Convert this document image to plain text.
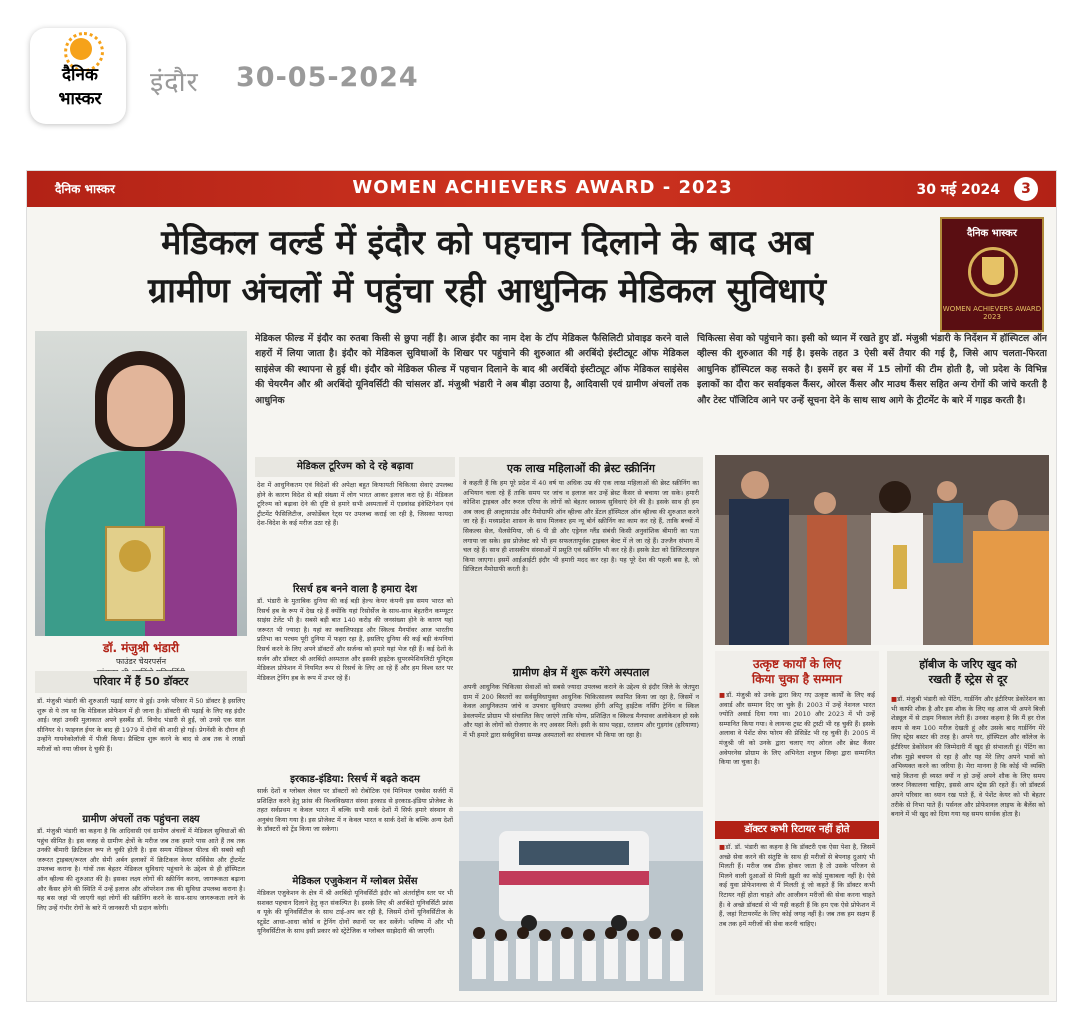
दैनिक
भास्कर
इंदौर 30-05-2024
दैनिक भास्कर	WOMEN ACHIEVERS AWARD - 2023	30 मई 2024	3
मेडिकल वर्ल्ड में इंदौर को पहचान दिलाने के बाद अब
ग्रामीण अंचलों में पहुंचा रही आधुनिक मेडिकल सुविधाएं
दैनिक भास्कर
WOMEN ACHIEVERS AWARD 2023
डॉ. मंजुश्री भंडारी
फाउंडर चेयरपर्सन
मेडिकल फील्ड में इंदौर का रुतबा किसी से छुपा नहीं है। आज इंदौर का नाम देश के टॉप मेडिकल फैसिलिटी प्रोवाइड करने वाले शहरों में लिया जाता है। इंदौर को मेडिकल सुविधाओं के शिखर पर पहुंचाने की शुरुआत श्री अरबिंदो इंस्टीट्यूट ऑफ मेडिकल साइंसेज की स्थापना से हुई थी। इंदौर को मेडिकल फील्ड में पहचान दिलाने के बाद श्री अरबिंदो इंस्टीट्यूट ऑफ मेडिकल साइंसेस की चेयरमैन और श्री अरबिंदो यूनिवर्सिटी की चांसलर डॉ. मंजुश्री भंडारी ने अब बीड़ा उठाया है, आदिवासी एवं ग्रामीण अंचलों तक आधुनिक
चिकित्सा सेवा को पहुंचाने का। इसी को ध्यान में रखते हुए डॉ. मंजुश्री भंडारी के निर्देशन में हॉस्पिटल ऑन व्हील्स की शुरुआत की गई है। इसके तहत 3 ऐसी बसें तैयार की गई है, जिसे आप चलता-फिरता आधुनिक हॉस्पिटल कह सकते है। इसमें हर बस में 15 लोगों की टीम होती है, जो प्रदेश के विभिन्न इलाकों का दौरा कर सर्वाइकल कैंसर, ओरल कैंसर और माउथ कैंसर सहित अन्य रोगों की जांचे करती है और टेस्ट पॉजिटिव आने पर उन्हें सूचना देने के साथ साथ आगे के ट्रीटमेंट के बारे में गाइड करती है।
परिवार में हैं 50 डॉक्टर
डॉ. मंजुश्री भंडारी की शुरुआती पढ़ाई सागर से हुई। उनके परिवार में 50 डॉक्टर है इसलिए शुरू से ये तय था कि मेडिकल प्रोफेशन में ही जाना है। डॉक्टरी की पढ़ाई के लिए वह इंदौर आई। जहां उनकी मुलाकात अपने हसबैंड डॉ. विनोद भंडारी से हुई, जो उनसे एक साल सीनियर थे। फाइनल ईयर के बाद ही 1979 में दोनों की शादी हो गई। प्रेगनेंसी के दौरान ही उन्होंने गायनेकोलॉजी में पीजी किया। प्रैक्टिस शुरू करने के बाद से अब तक वे लाखों मरीजों को नया जीवन दे चुकी हैं।
ग्रामीण अंचलों तक पहुंचना लक्ष्य
डॉ. मंजुश्री भंडारी का कहना है कि आदिवासी एवं ग्रामीण अंचलों में मेडिकल सुविधाओं की पहुंच सीमित है। इस वजह से ग्रामीण क्षेत्रों के मरीज जब तक हमारे पास आते हैं तब तक उनकी बीमारी क्रिटिकल रूप ले चुकी होती है। इस समय मेडिकल फील्ड की सबसे बड़ी जरूरत ट्राइबल/रूरल और सेमी अर्बन इलाकों में क्रिटिकल केयर सर्विसेस और ट्रीटमेंट उपलब्ध कराना है। गांवों तक बेहतर मेडिकल सुविधाएं पहुंचाने के उद्देश्य से ही हॉस्पिटल ऑन व्हील्स की शुरुआत की है। इसका लक्ष्य लोगों की स्क्रीनिंग करना, जागरूकता बढ़ाना और कैंसर होने की स्थिति में उन्हें इलाज और ऑपरेशन तक की सुविधा उपलब्ध कराना है। यह बस जहां भी जाएगी वहां लोगों की स्क्रीनिंग करने के साथ-साथ जागरूकता लाने के लिए उन्हें गंभीर रोगों के बारे में जानकारी भी प्रदान करेगी।
मेडिकल टूरिज्म को दे रहे बढ़ावा
देश में आधुनिकतम एवं विदेशों की अपेक्षा बहुत किफायती चिकित्सा सेवाएं उपलब्ध होने के कारण विदेश से बड़ी संख्या में लोग भारत आकर इलाज करा रहे हैं। मेडिकल टूरिज्म को बढ़ावा देने की दृष्टि से हमारे सभी अस्पतालों में एडवांस्ड इंवेस्टिगेशन एवं ट्रीटमेंट फैसिलिटीज, अफोर्डेबल रेट्स पर उपलब्ध कराई जा रही है, जिसका फायदा देश-विदेश के कई मरीज उठा रहे हैं।
रिसर्च हब बनने वाला है हमारा देश
डॉ. भंडारी के मुताबिक दुनिया की कई बड़ी हेल्थ केयर कंपनी इस समय भारत को रिसर्च हब के रूप में देख रहे हैं क्योंकि यहां रिसोर्सेज के साथ-साथ बेहतरीन कम्प्यूटर साइंस टेलेंट भी है। सबसे बड़ी बात 140 करोड़ की जनसंख्या होने के कारण यहां जरूरत भी ज्यादा है। यहां का क्वालिफाइड और स्किल्ड मैनपॉवर आज भारतीय प्रतिभा का परचम पूरी दुनिया में फहरा रहा है, इसलिए दुनिया की कई बड़ी कंपनियां रिसर्च करने के लिए अपने डॉक्टरों और सर्जन्स को हमारे यहां भेज रही हैं। कई देशों के सर्जन और डॉक्टर श्री अरबिंदो अस्पताल और इसकी हाइटेक सुपरस्पेशियलिटी यूनिट्स मेडिकल प्रोफेशन में नियमित रूप से रिसर्च के लिए आ रहे हैं और हम विश्व स्तर पर मेडिकल ट्रेनिंग हब के रूप में उभर रहे हैं।
इरकाड-इंडिया: रिसर्च में बढ़ते कदम
सार्क देशों व ग्लोबल लेवल पर डॉक्टरों को रोबोटिक एवं मिनिमल एक्सेस सर्जरी में प्रशिक्षित करने हेतु फ्रांस की विश्वविख्यात संस्था इरकाड से इरकाड-इंडिया प्रोजेक्ट के तहत सर्वप्रथम न केवल भारत में बल्कि सभी सार्क देशों में सिर्फ हमारे संस्थान से अनुबंध किया गया है। इस प्रोजेक्ट में न केवल भारत व सार्क देशों के बल्कि अन्य देशों के डॉक्टरों को ट्रेंड किया जा सकेगा।
मेडिकल एजुकेशन में ग्लोबल प्रेसेंस
मेडिकल एजुकेशन के क्षेत्र में श्री अरबिंदो यूनिवर्सिटी इंदौर को अंतर्राष्ट्रीय स्तर पर भी सशक्त पहचान दिलाने हेतु कृत संकल्पित है। इसके लिए श्री अरबिंदो यूनिवर्सिटी फ्रांस व यूके की यूनिवर्सिटीज के साथ टाई-अप कर रही है, जिसमें दोनों यूनिवर्सिटीज के स्टूडेंट आधा-आधा कोर्स व ट्रेनिंग दोनों स्थानों पर कर सकेंगे। भविष्य में और भी यूनिवर्सिटीज के साथ इसी प्रकार को स्ट्रेटेजिक व ग्लोबल साझेदारी की जाएगी।
एक लाख महिलाओं की ब्रेस्ट स्क्रीनिंग
वे कहती हैं कि हम पूरे प्रदेश में 40 वर्ष या अधिक उम्र की एक लाख महिलाओं की ब्रेस्ट स्क्रीनिंग का अभियान चला रहे हैं ताकि समय पर जांच व इलाज कर उन्हें ब्रेस्ट कैंसर से बचाया जा सके। हमारी कोशिश ट्राइबल और रूरल एरिया के लोगों को बेहतर स्वास्थ्य सुविधाएं देने की है। इसके साथ ही हम अब जल्द ही अल्ट्रासाउंड और मैमोग्राफी ऑन व्हील्स और डेंटल हॉस्पिटल ऑन व्हील्स की शुरुआत करने जा रहे हैं। मध्यप्रदेश शासन के साथ मिलकर हम न्यू बोर्न स्क्रीनिंग का काम कर रहे हैं, ताकि बच्चों में सिकल्स सेल, थैलसेमिया, जी 6 पी डी और एड्रेनल ग्लैंड संबंधी किसी अनुवांशिक बीमारी का पता लगाया जा सके। इस प्रोजेक्ट को भी हम सफलतापूर्वक ट्राइबल बेल्ट में ले जा रहे हैं। उज्जैन संभाग में चल रहे हैं। साथ ही शासकीय संस्थाओं में प्रसूति एवं स्क्रीनिंग भी कर रहे हैं। इसके डेटा को डिजिटलाइज किया जाएगा। इसमें आईआईटी इंदौर भी हमारी मदद कर रहा है। यह पूरे देश की पहली बस है, जो डिजिटल मैमोग्राफी करती है।
ग्रामीण क्षेत्र में शुरू करेंगे अस्पताल
अपनी आधुनिक चिकित्सा सेवाओं को सबसे ज्यादा उपलब्ध कराने के उद्देश्य से इंदौर जिले के जेतपुरा ग्राम में 200 बिस्तरों का सर्वसुविधायुक्त आधुनिक चिकित्सालय स्थापित किया जा रहा है, जिसमें न केवल आधुनिकतम जांचे व उपचार सुविधाएं उपलब्ध होंगी अपितु हाईटेक नर्सिंग ट्रेनिंग व स्किल डेवलपमेंट प्रोग्राम भी संचालित किए जाएंगे ताकि योग्य, प्रशिक्षित व स्किल्ड मैनपावर अलोकेशन हो सके और यहां के लोगों को रोजगार के नए अवसर मिलें। इसी के साथ पहड़ा, रतलाम और गुड़गांव (हरियाणा) में भी हमारे द्वारा सर्वसुविधा सम्पन्न अस्पतालों का संचालन भी किया जा रहा है।
उत्कृष्ट कार्यों के लिए
किया चुका है सम्मान
■ डॉ. मंजुश्री को उनके द्वारा किए गए उत्कृष्ट कार्यों के लिए कई अवार्ड और सम्मान दिए जा चुके हैं। 2003 में उन्हें नेशनल भारत ज्योति अवार्ड दिया गया था। 2010 और 2023 में भी उन्हें सम्मानित किया गया। वे लायन्स ट्रस्ट की ट्रस्टी भी रह चुकी हैं। इसके अलावा वे पेशेंट सेफ फोरम की प्रेसिडेंट भी रह चुकी हैं। 2005 में मंजुश्री जी को उनके द्वारा चलाए गए ओरल और ब्रेस्ट कैंसर अवेयरनेस प्रोग्राम के लिए अभिनेता शत्रुघ्न सिन्हा द्वारा सम्मानित किया जा चुका है।
डॉक्टर कभी रिटायर नहीं होते
■ डॉ. डॉ. भंडारी का कहना है कि डॉक्टरी एक ऐसा पेशा है, जिसमें अच्छे सेवा करने की संतुष्टि के साथ ही मरीजों से बेपनाह दुआएं भी मिलती हैं। मरीज जब ठीक होकर जाता है तो उसके परिजन से मिलने वाली दुआओं से मिली ख़ुशी का कोई मुकाबला नहीं है। ऐसे कई युवा प्रोफेशनल्स से मैं मिलती हूं जो कहते हैं कि डॉक्टर कभी रिटायर नहीं होता चाहते और आजीवन मरीजों की सेवा करना चाहते हैं। वे अच्छे डॉक्टर्स से भी यही कहती हैं कि हम एक ऐसे प्रोफेशन में हैं, जहां रिटायरमेंट के लिए कोई जगह नहीं है। जब तक हम सक्षम हैं तब तक हमें मरीजों की सेवा करनी चाहिए।
हॉबीज के जरिए खुद को
रखती हैं स्ट्रेस से दूर
■ डॉ. मंजुश्री भंडारी को पेंटिंग, गार्डनिंग और इंटीरियर डेकोरेशन का भी काफी शौक है और इस शौक के लिए वह आज भी अपने बिजी शेड्यूल में से टाइम निकाल लेती हैं। उनका कहना है कि मैं हर रोज काम से कम 100 मरीज देखती हूं और उसके बाद गार्डनिंग मेरे लिए स्ट्रेस बस्टर की तरह है। अपने घर, हॉस्पिटल और कॉलेज के इंटीरियर डेकोरेशन की जिम्मेदारी मैं खुद ही संभालती हूं। पेंटिंग का शौक मुझे बचपन से रहा है और यह मेरे लिए अपने भावों को अभिव्यक्त करने का जरिया है। मेरा मानना है कि कोई भी व्यक्ति चाहे कितना ही व्यस्त क्यों न हो उन्हें अपने शौक के लिए समय जरूर निकालना चाहिए, इससे आप स्ट्रेस फ्री रहते हैं। जो डॉक्टर्स अपने परिवार का ध्यान रख पाते हैं, वे पेशेंट केयर को भी बेहतर तरीके से निभा पाते हैं। पर्सनल और प्रोफेशनल लाइफ के बैलेंस को बनाने में भी खुद को दिया गया यह समय सार्थक होता है।
